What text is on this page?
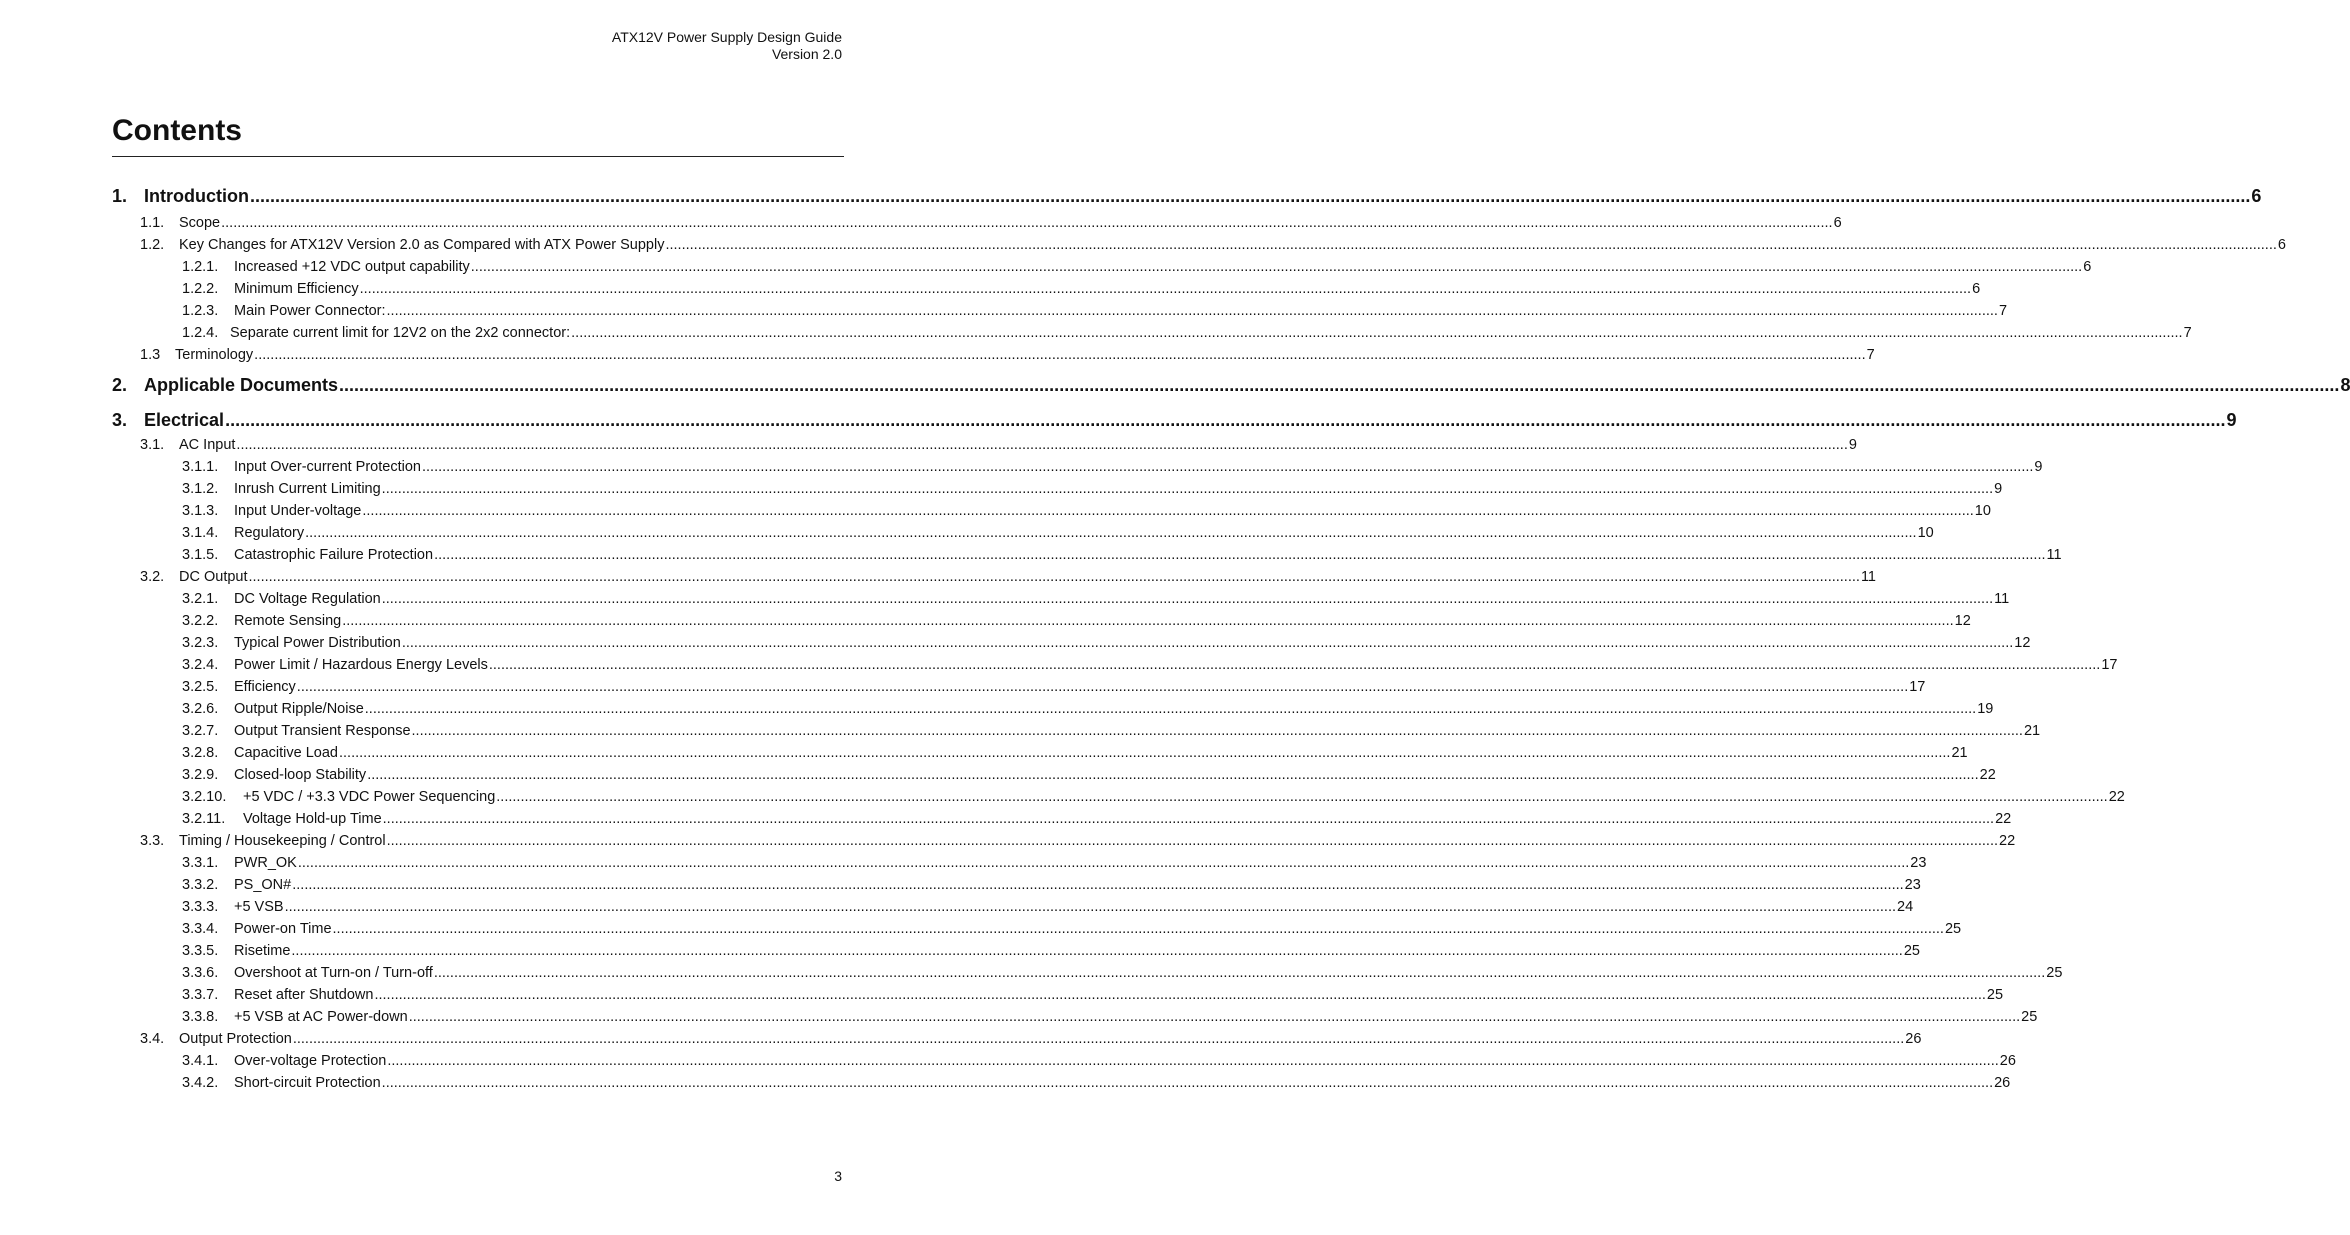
ATX12V Power Supply Design Guide
Version 2.0
Contents
1. Introduction ................................................................................................................................................................................................................................................................................................................................................................................................................ 6
1.1.	Scope ................................................................................................................................................................................................................................................................................................................................................................................................................ 6
1.2.	Key Changes for ATX12V Version 2.0 as Compared with ATX Power Supply ................................................................................................................................................................................................................................................................................................................................................................................................................ 6
1.2.1.	Increased +12 VDC output capability ................................................................................................................................................................................................................................................................................................................................................................................................................ 6
1.2.2.	Minimum Efficiency ................................................................................................................................................................................................................................................................................................................................................................................................................ 6
1.2.3.	Main Power Connector: ................................................................................................................................................................................................................................................................................................................................................................................................................ 7
1.2.4. Separate current limit for 12V2 on the 2x2 connector: ................................................................................................................................................................................................................................................................................................................................................................................................................ 7
1.3	Terminology ................................................................................................................................................................................................................................................................................................................................................................................................................ 7
2. Applicable Documents ................................................................................................................................................................................................................................................................................................................................................................................................................ 8
3. Electrical ................................................................................................................................................................................................................................................................................................................................................................................................................ 9
3.1.	AC Input ................................................................................................................................................................................................................................................................................................................................................................................................................ 9
3.1.1.	Input Over-current Protection ................................................................................................................................................................................................................................................................................................................................................................................................................ 9
3.1.2.	Inrush Current Limiting ................................................................................................................................................................................................................................................................................................................................................................................................................ 9
3.1.3.	Input Under-voltage ................................................................................................................................................................................................................................................................................................................................................................................................................ 10
3.1.4.	Regulatory ................................................................................................................................................................................................................................................................................................................................................................................................................ 10
3.1.5.	Catastrophic Failure Protection ................................................................................................................................................................................................................................................................................................................................................................................................................ 11
3.2.	DC Output ................................................................................................................................................................................................................................................................................................................................................................................................................ 11
3.2.1.	DC Voltage Regulation ................................................................................................................................................................................................................................................................................................................................................................................................................ 11
3.2.2.	Remote Sensing ................................................................................................................................................................................................................................................................................................................................................................................................................ 12
3.2.3.	Typical Power Distribution ................................................................................................................................................................................................................................................................................................................................................................................................................ 12
3.2.4.	Power Limit / Hazardous Energy Levels ................................................................................................................................................................................................................................................................................................................................................................................................................ 17
3.2.5.	Efficiency ................................................................................................................................................................................................................................................................................................................................................................................................................ 17
3.2.6.	Output Ripple/Noise ................................................................................................................................................................................................................................................................................................................................................................................................................ 19
3.2.7.	Output Transient Response ................................................................................................................................................................................................................................................................................................................................................................................................................ 21
3.2.8.	Capacitive Load ................................................................................................................................................................................................................................................................................................................................................................................................................ 21
3.2.9.	Closed-loop Stability ................................................................................................................................................................................................................................................................................................................................................................................................................ 22
3.2.10.	+5 VDC / +3.3 VDC Power Sequencing ................................................................................................................................................................................................................................................................................................................................................................................................................ 22
3.2.11.	Voltage Hold-up Time ................................................................................................................................................................................................................................................................................................................................................................................................................ 22
3.3.	Timing / Housekeeping / Control ................................................................................................................................................................................................................................................................................................................................................................................................................ 22
3.3.1.	PWR_OK ................................................................................................................................................................................................................................................................................................................................................................................................................ 23
3.3.2.	PS_ON# ................................................................................................................................................................................................................................................................................................................................................................................................................ 23
3.3.3.	+5 VSB ................................................................................................................................................................................................................................................................................................................................................................................................................ 24
3.3.4.	Power-on Time ................................................................................................................................................................................................................................................................................................................................................................................................................ 25
3.3.5.	Risetime ................................................................................................................................................................................................................................................................................................................................................................................................................ 25
3.3.6.	Overshoot at Turn-on / Turn-off ................................................................................................................................................................................................................................................................................................................................................................................................................ 25
3.3.7.	Reset after Shutdown ................................................................................................................................................................................................................................................................................................................................................................................................................ 25
3.3.8.	+5 VSB at AC Power-down ................................................................................................................................................................................................................................................................................................................................................................................................................ 25
3.4.	Output Protection ................................................................................................................................................................................................................................................................................................................................................................................................................ 26
3.4.1.	Over-voltage Protection ................................................................................................................................................................................................................................................................................................................................................................................................................ 26
3.4.2.	Short-circuit Protection ................................................................................................................................................................................................................................................................................................................................................................................................................ 26
3
